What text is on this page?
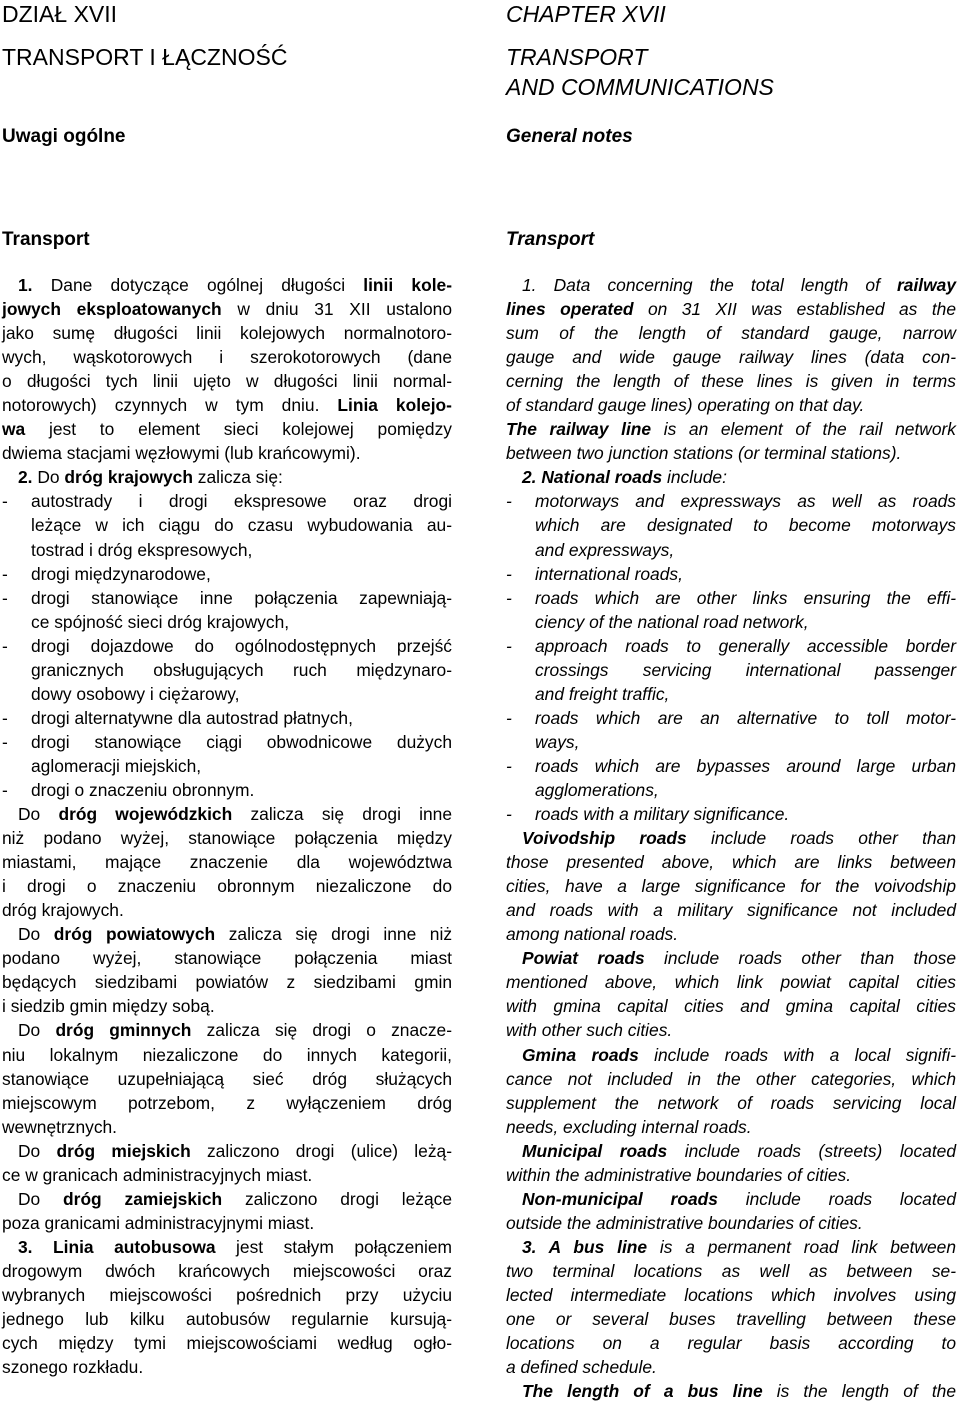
DZIAŁ XVII
TRANSPORT I ŁĄCZNOŚĆ
Uwagi ogólne
Transport

1. Dane dotyczące ogólnej długości linii kole-

jowych eksploatowanych w dniu 31 XII ustalono

jako sumę długości linii kolejowych normalnotoro-

wych, wąskotorowych i szerokotorowych (dane

o długości tych linii ujęto w długości linii normal-

notorowych) czynnych w tym dniu. Linia kolejo-

wa jest to element sieci kolejowej pomiędzy

dwiema stacjami węzłowymi (lub krańcowymi).

2. Do dróg krajowych zalicza się:

- autostrady i drogi ekspresowe oraz drogi

leżące w ich ciągu do czasu wybudowania au-

tostrad i dróg ekspresowych,

- drogi międzynarodowe,

- drogi stanowiące inne połączenia zapewniają-

ce spójność sieci dróg krajowych,

- drogi dojazdowe do ogólnodostępnych przejść

granicznych obsługujących ruch międzynaro-

dowy osobowy i ciężarowy,

- drogi alternatywne dla autostrad płatnych,

- drogi stanowiące ciągi obwodnicowe dużych

aglomeracji miejskich,

- drogi o znaczeniu obronnym.

Do dróg wojewódzkich zalicza się drogi inne

niż podano wyżej, stanowiące połączenia między

miastami, mające znaczenie dla województwa

i drogi o znaczeniu obronnym niezaliczone do

dróg krajowych.

Do dróg powiatowych zalicza się drogi inne niż

podano wyżej, stanowiące połączenia miast

będących siedzibami powiatów z siedzibami gmin

i siedzib gmin między sobą.

Do dróg gminnych zalicza się drogi o znacze-

niu lokalnym niezaliczone do innych kategorii,

stanowiące uzupełniającą sieć dróg służących

miejscowym potrzebom, z wyłączeniem dróg

wewnętrznych.

Do dróg miejskich zaliczono drogi (ulice) leżą-

ce w granicach administracyjnych miast.

Do dróg zamiejskich zaliczono drogi leżące

poza granicami administracyjnymi miast.

3. Linia autobusowa jest stałym połączeniem

drogowym dwóch krańcowych miejscowości oraz

wybranych miejscowości pośrednich przy użyciu

jednego lub kilku autobusów regularnie kursują-

cych między tymi miejscowościami według ogło-

szonego rozkładu.

CHAPTER XVII
TRANSPORT
AND COMMUNICATIONS
General notes
Transport

1. Data concerning the total length of railway

lines operated on 31 XII was established as the

sum of the length of standard gauge, narrow

gauge and wide gauge railway lines (data con-

cerning the length of these lines is given in terms

of standard gauge lines) operating on that day.

The railway line is an element of the rail network

between two junction stations (or terminal stations).

2. National roads include:

- motorways and expressways as well as roads

which are designated to become motorways

and expressways,

- international roads,

- roads which are other links ensuring the effi-

ciency of the national road network,

- approach roads to generally accessible border

crossings servicing international passenger

and freight traffic,

- roads which are an alternative to toll motor-

ways,

- roads which are bypasses around large urban

agglomerations,

- roads with a military significance.

Voivodship roads include roads other than

those presented above, which are links between

cities, have a large significance for the voivodship

and roads with a military significance not included

among national roads.

Powiat roads include roads other than those

mentioned above, which link powiat capital cities

with gmina capital cities and gmina capital cities

with other such cities.

Gmina roads include roads with a local signifi-

cance not included in the other categories, which

supplement the network of roads servicing local

needs, excluding internal roads.

Municipal roads include roads (streets) located

within the administrative boundaries of cities.

Non-municipal roads include roads located

outside the administrative boundaries of cities.

3. A bus line is a permanent road link between

two terminal locations as well as between se-

lected intermediate locations which involves using

one or several buses travelling between these

locations on a regular basis according to

a defined schedule.

The length of a bus line is the length of the
